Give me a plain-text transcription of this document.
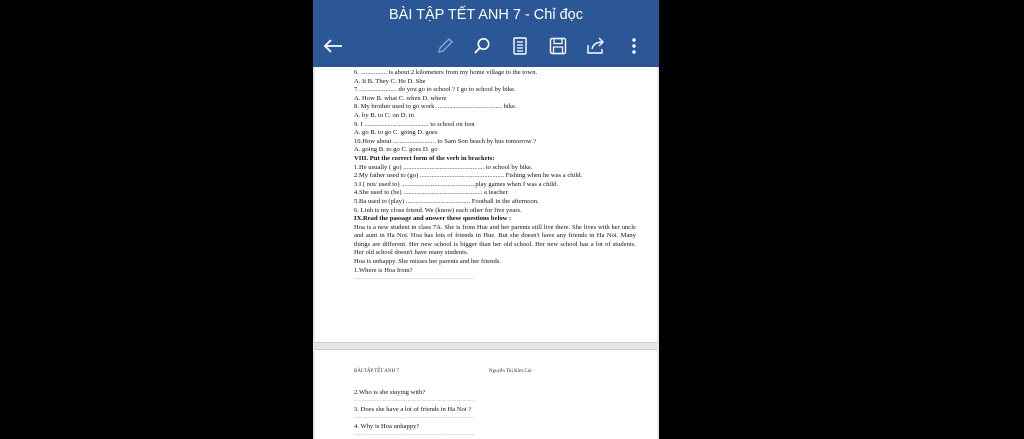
BÀI TẬP TẾT ANH 7 - Chỉ đọc
6. ................ is about 2 kilometers from my home village to the town.
A. It B. They C. He D. She
7. ...................... do you go to school ? I go to school by bike.
A. How B. what C. when D. where
8. My brother used to go work ........................................ bike.
A. by B. to C. on D. in
9. I ....................................... to school on foot
A. go B. to go C. going D. goes
10.How about .......................... to Sam Son beach by bus tomorrow ?
A. going B. to go C. goes D. go
VIII. Put the correct form of the verb in brackets:
1.He usually ( go) ................................................. to school by bike.
2.My father used to (go) ................................................... Fishing when he was a child.
3.I ( not/ used to) .............................................play games when I was a child.
4.She used to (be) ................................................ a teacher.
5.Ba used to (play) ....................................... Football in the afternoon.
6. Linh is my close friend. We (know) each other for five years.
IX.Read the passage and answer these questions below :
Hoa is a new student in class 7A. She is from Hue and her parents still live there. She lives with her uncle and aunt in Ha Noi. Hoa has lots of friends in Hue. But she doesn't have any friends in Ha Noi. Many things are different. Her new school is bigger than her old school. Her new school has a lot of students. Her old school doesn't have many students.
Hoa is unhappy. She misses her parents and her friends.
1.Where is Hoa from?
................................................................................................
BÀI TẬP TẾT ANH 7	Nguyễn Thị Kim Cúc
2.Who is she staying with?
................................................................................................
3. Does she have a lot of friends in Ha Noi ?
................................................................................................
4. Why is Hoa unhappy?
................................................................................................
